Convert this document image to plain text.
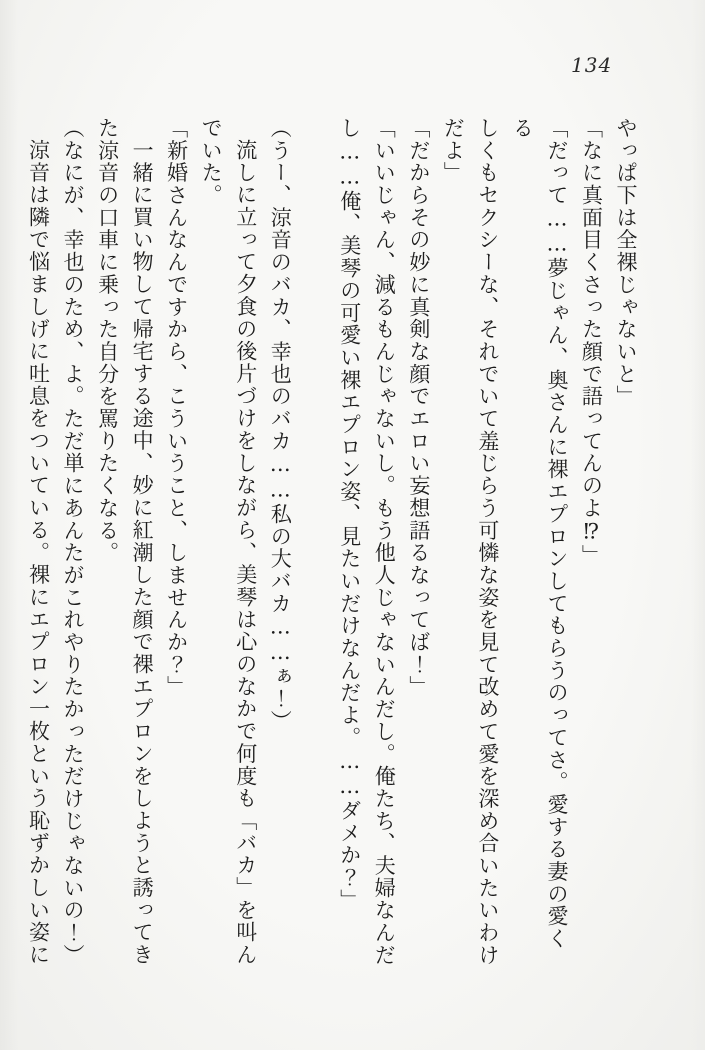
134

やっぱ下は全裸じゃないと」

「なに真面目くさった顔で語ってんのよ⁉」

「だって……夢じゃん、奥さんに裸エプロンしてもらうのってさ。愛する妻の愛くる

しくもセクシーな、それでいて羞じらう可憐な姿を見て改めて愛を深め合いたいわけ

だよ」

「だからその妙に真剣な顔でエロい妄想語るなってば！」

「いいじゃん、減るもんじゃないし。もう他人じゃないんだし。俺たち、夫婦なんだ

し……俺、美琴の可愛い裸エプロン姿、見たいだけなんだよ。……ダメか？」

（うー、涼音のバカ、幸也のバカ……私の大バカ……ぁ！）

流しに立って夕食の後片づけをしながら、美琴は心のなかで何度も「バカ」を叫ん

でいた。

「新婚さんなんですから、こういうこと、しませんか？」

一緒に買い物して帰宅する途中、妙に紅潮した顔で裸エプロンをしようと誘ってき

た涼音の口車に乗った自分を罵りたくなる。

（なにが、幸也のため、よ。ただ単にあんたがこれやりたかっただけじゃないの！）

涼音は隣で悩ましげに吐息をついている。裸にエプロン一枚という恥ずかしい姿に
